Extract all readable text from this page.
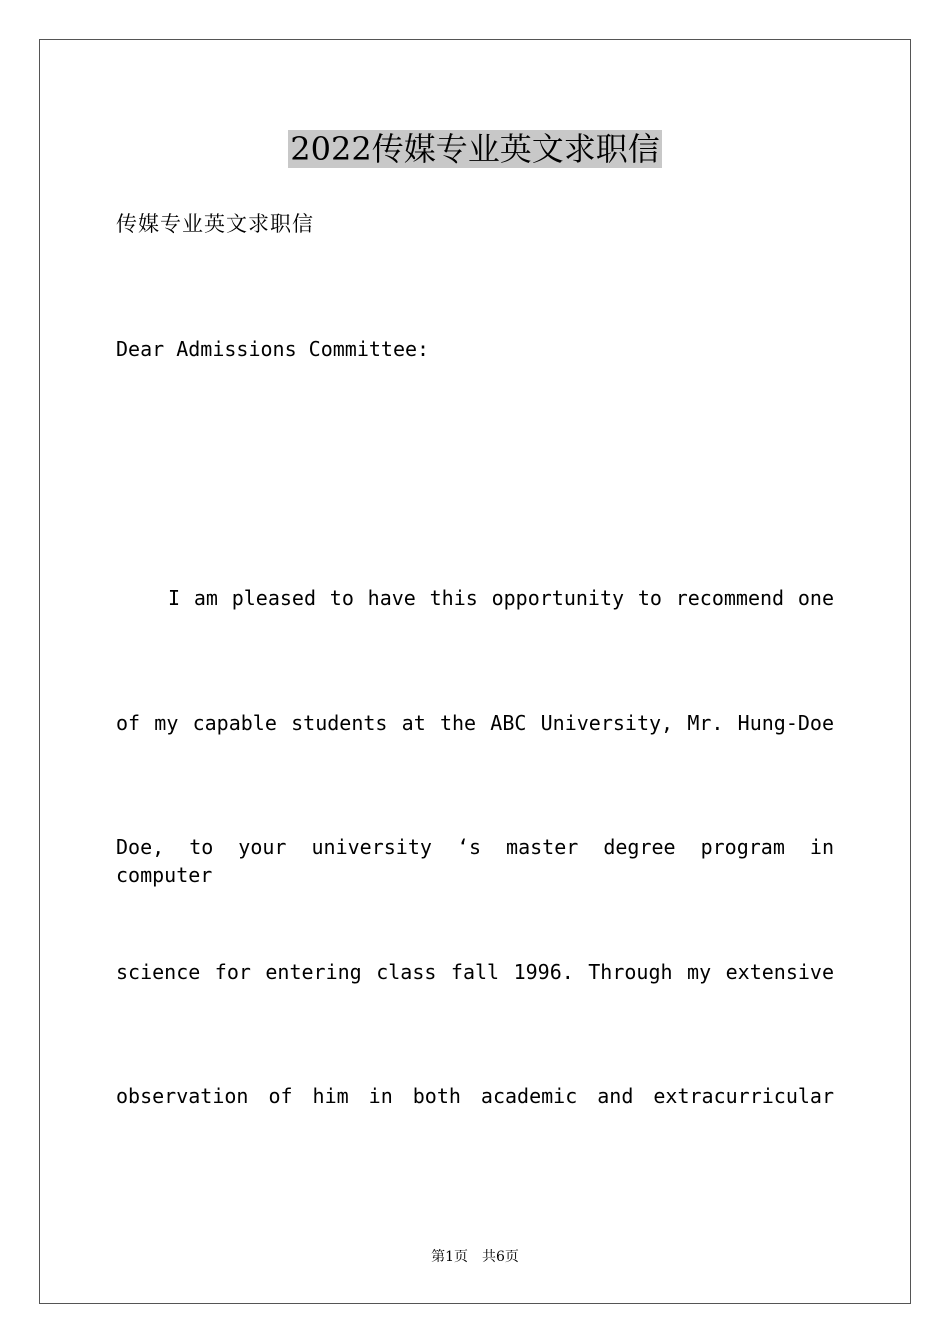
2022传媒专业英文求职信

传媒专业英文求职信

Dear Admissions Committee:

I am pleased to have this opportunity to recommend one

of my capable students at the ABC University, Mr. Hung-Doe

Doe, to your university ‘s master degree program in computer

science for entering class fall 1996. Through my extensive

observation of him in both academic and extracurricular

第1页　共6页
